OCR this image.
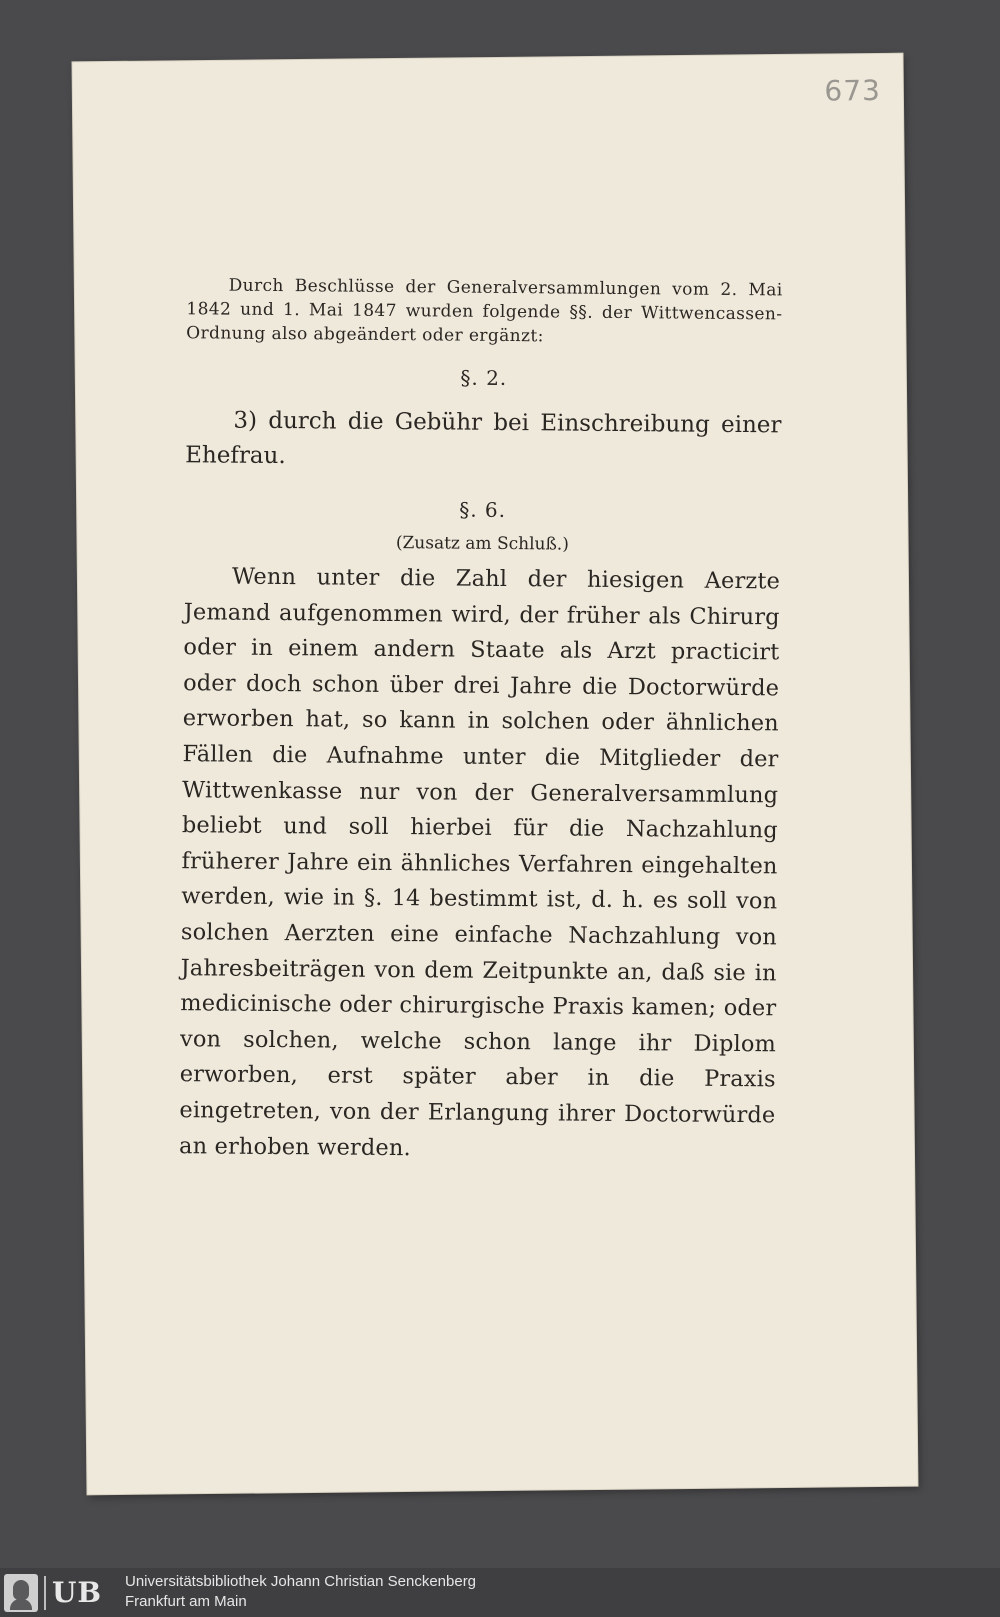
673

Durch Beschlüsse der Generalversammlungen vom 2. Mai 1842 und 1. Mai 1847 wurden folgende §§. der Wittwencassen-Ordnung also abgeändert oder ergänzt:

§. 2.

3) durch die Gebühr bei Einschreibung einer Ehefrau.

§. 6.
(Zusatz am Schluß.)

Wenn unter die Zahl der hiesigen Aerzte Jemand aufgenommen wird, der früher als Chirurg oder in einem andern Staate als Arzt practicirt oder doch schon über drei Jahre die Doctorwürde erworben hat, so kann in solchen oder ähnlichen Fällen die Aufnahme unter die Mitglieder der Wittwenkasse nur von der Generalversammlung beliebt und soll hierbei für die Nachzahlung früherer Jahre ein ähnliches Verfahren eingehalten werden, wie in §. 14 bestimmt ist, d. h. es soll von solchen Aerzten eine einfache Nachzahlung von Jahresbeiträgen von dem Zeitpunkte an, daß sie in medicinische oder chirurgische Praxis kamen; oder von solchen, welche schon lange ihr Diplom erworben, erst später aber in die Praxis eingetreten, von der Erlangung ihrer Doctorwürde an erhoben werden.

UB Universitätsbibliothek Johann Christian Senckenberg
Frankfurt am Main
